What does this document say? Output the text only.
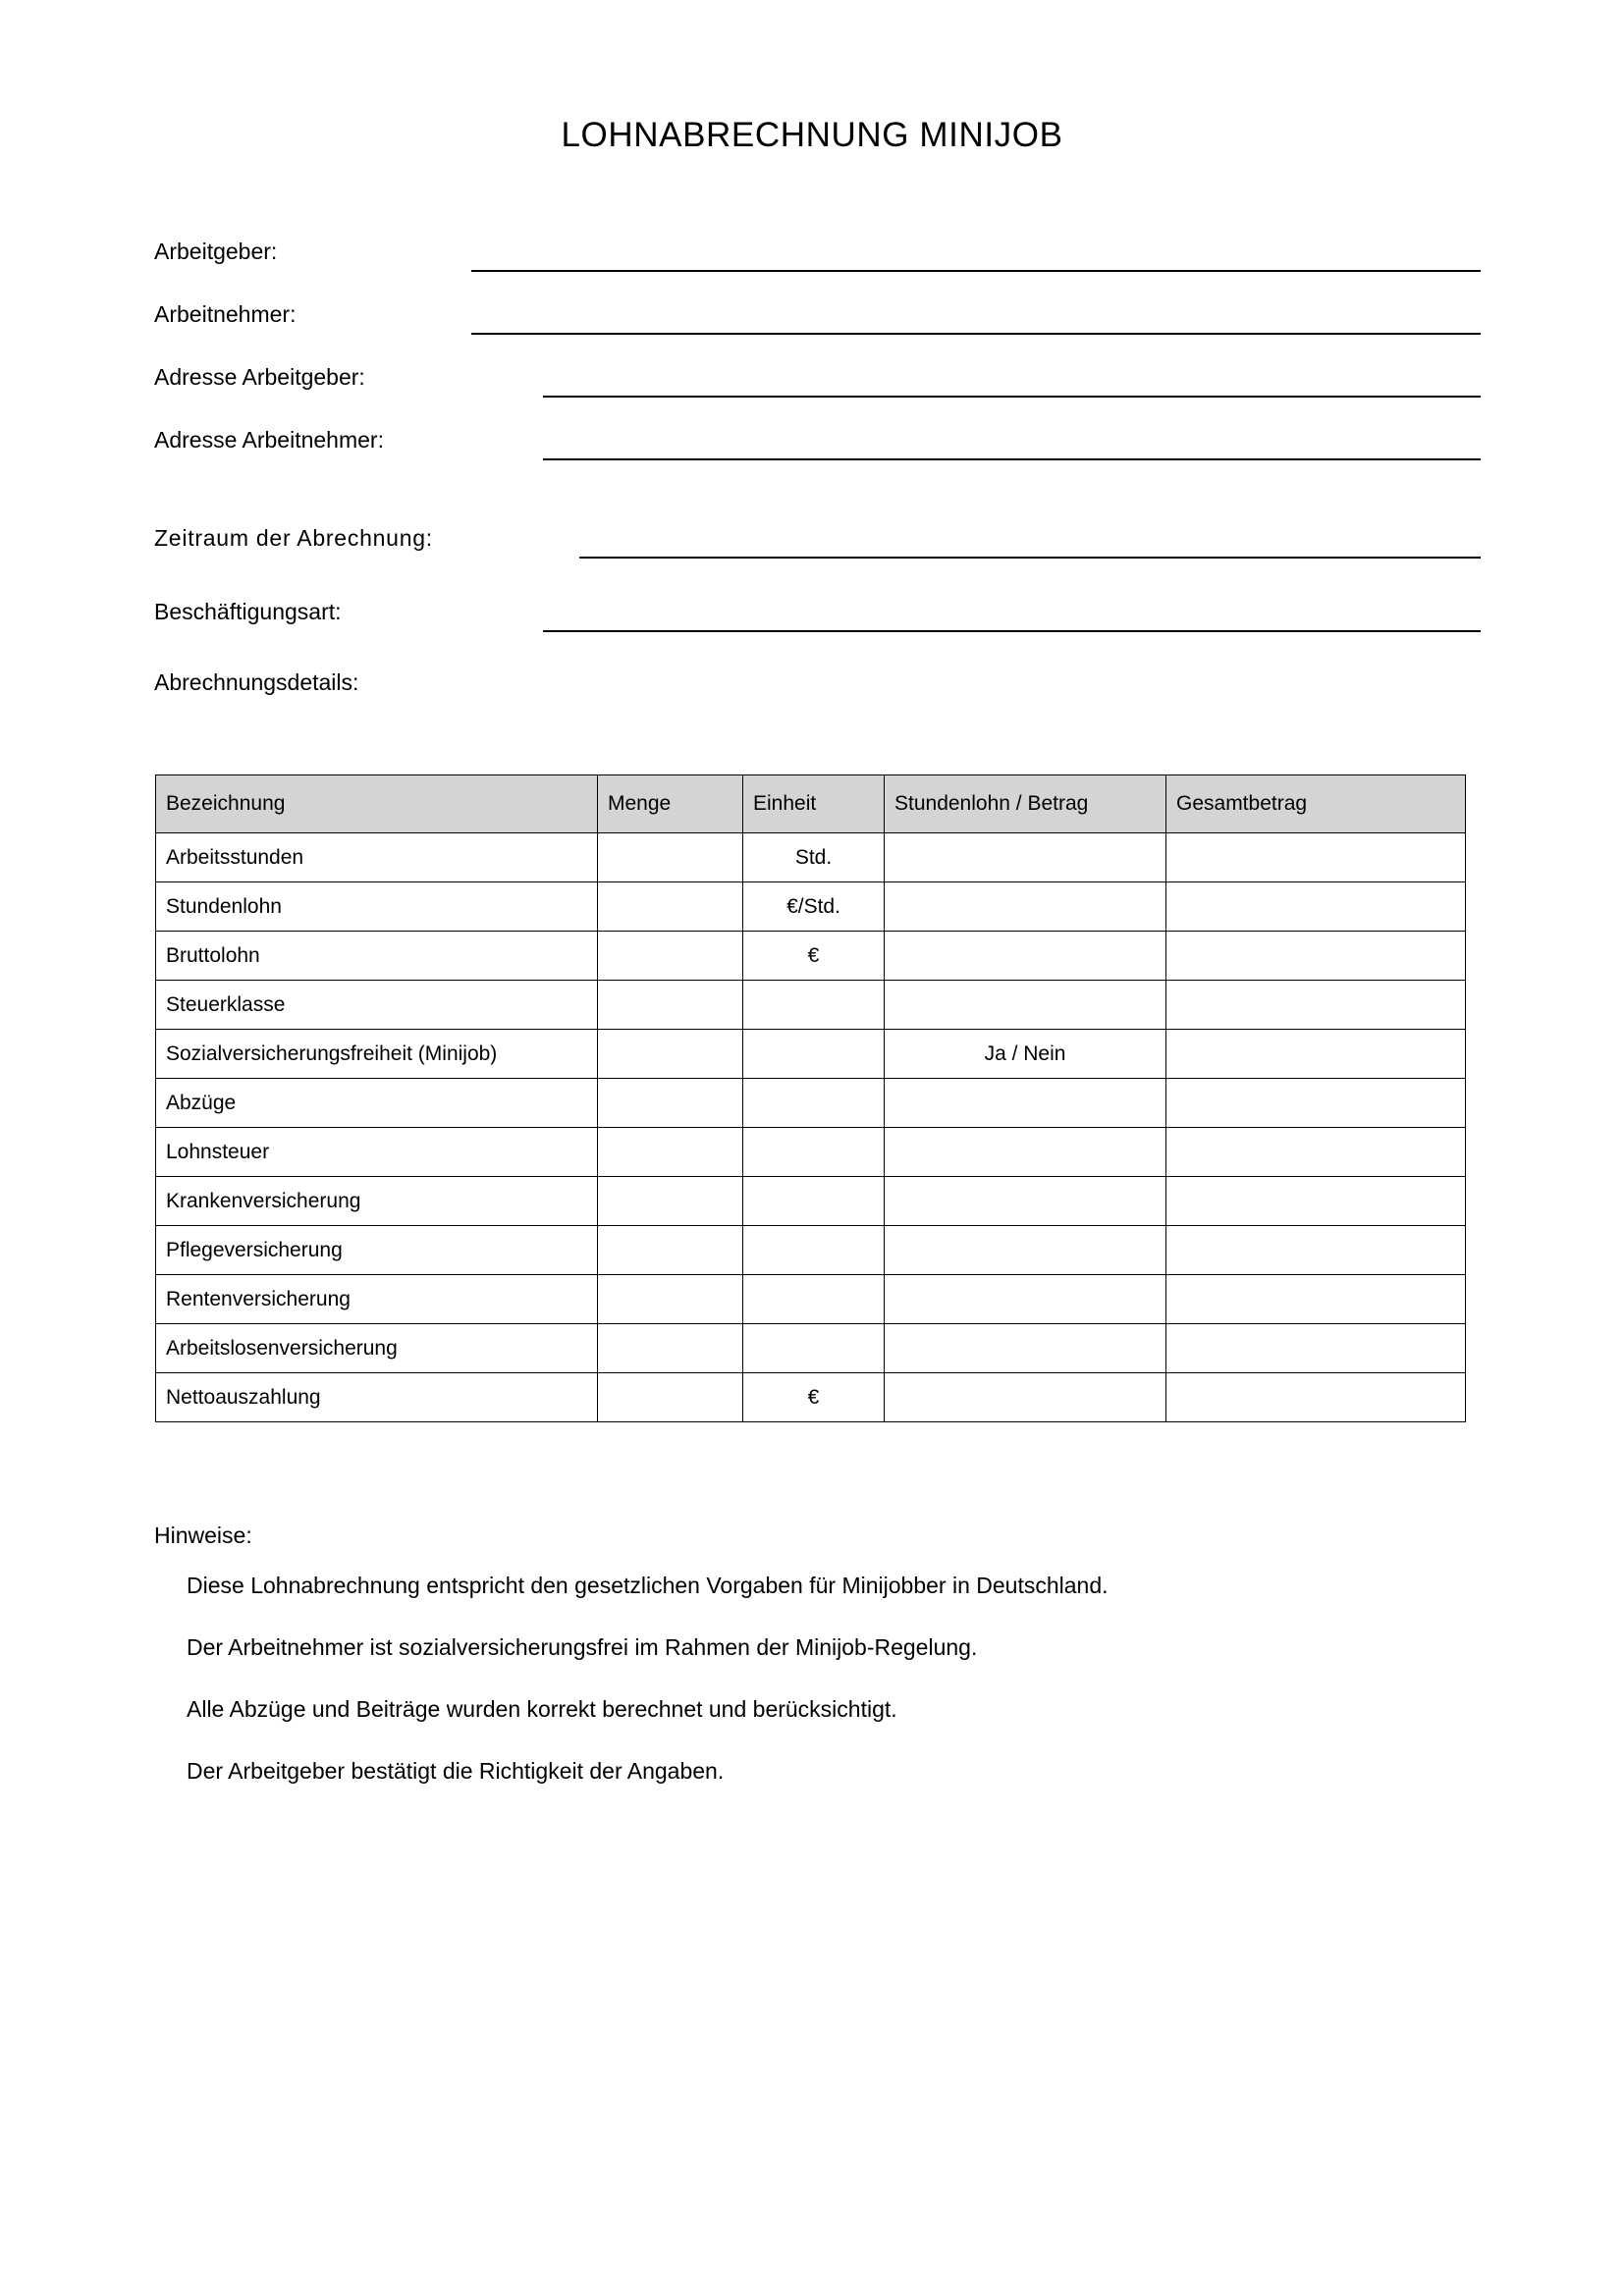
LOHNABRECHNUNG MINIJOB
Arbeitgeber:
Arbeitnehmer:
Adresse Arbeitgeber:
Adresse Arbeitnehmer:
Zeitraum der Abrechnung:
Beschäftigungsart:
Abrechnungsdetails:
Bezeichnung	Menge	Einheit	Stundenlohn / Betrag	Gesamtbetrag
Arbeitsstunden		Std.		
Stundenlohn		€/Std.		
Bruttolohn		€		
Steuerklasse				
Sozialversicherungsfreiheit (Minijob)			Ja / Nein	
Abzüge				
Lohnsteuer				
Krankenversicherung				
Pflegeversicherung				
Rentenversicherung				
Arbeitslosenversicherung				
Nettoauszahlung		€		
Hinweise:
Diese Lohnabrechnung entspricht den gesetzlichen Vorgaben für Minijobber in Deutschland.
Der Arbeitnehmer ist sozialversicherungsfrei im Rahmen der Minijob-Regelung.
Alle Abzüge und Beiträge wurden korrekt berechnet und berücksichtigt.
Der Arbeitgeber bestätigt die Richtigkeit der Angaben.
